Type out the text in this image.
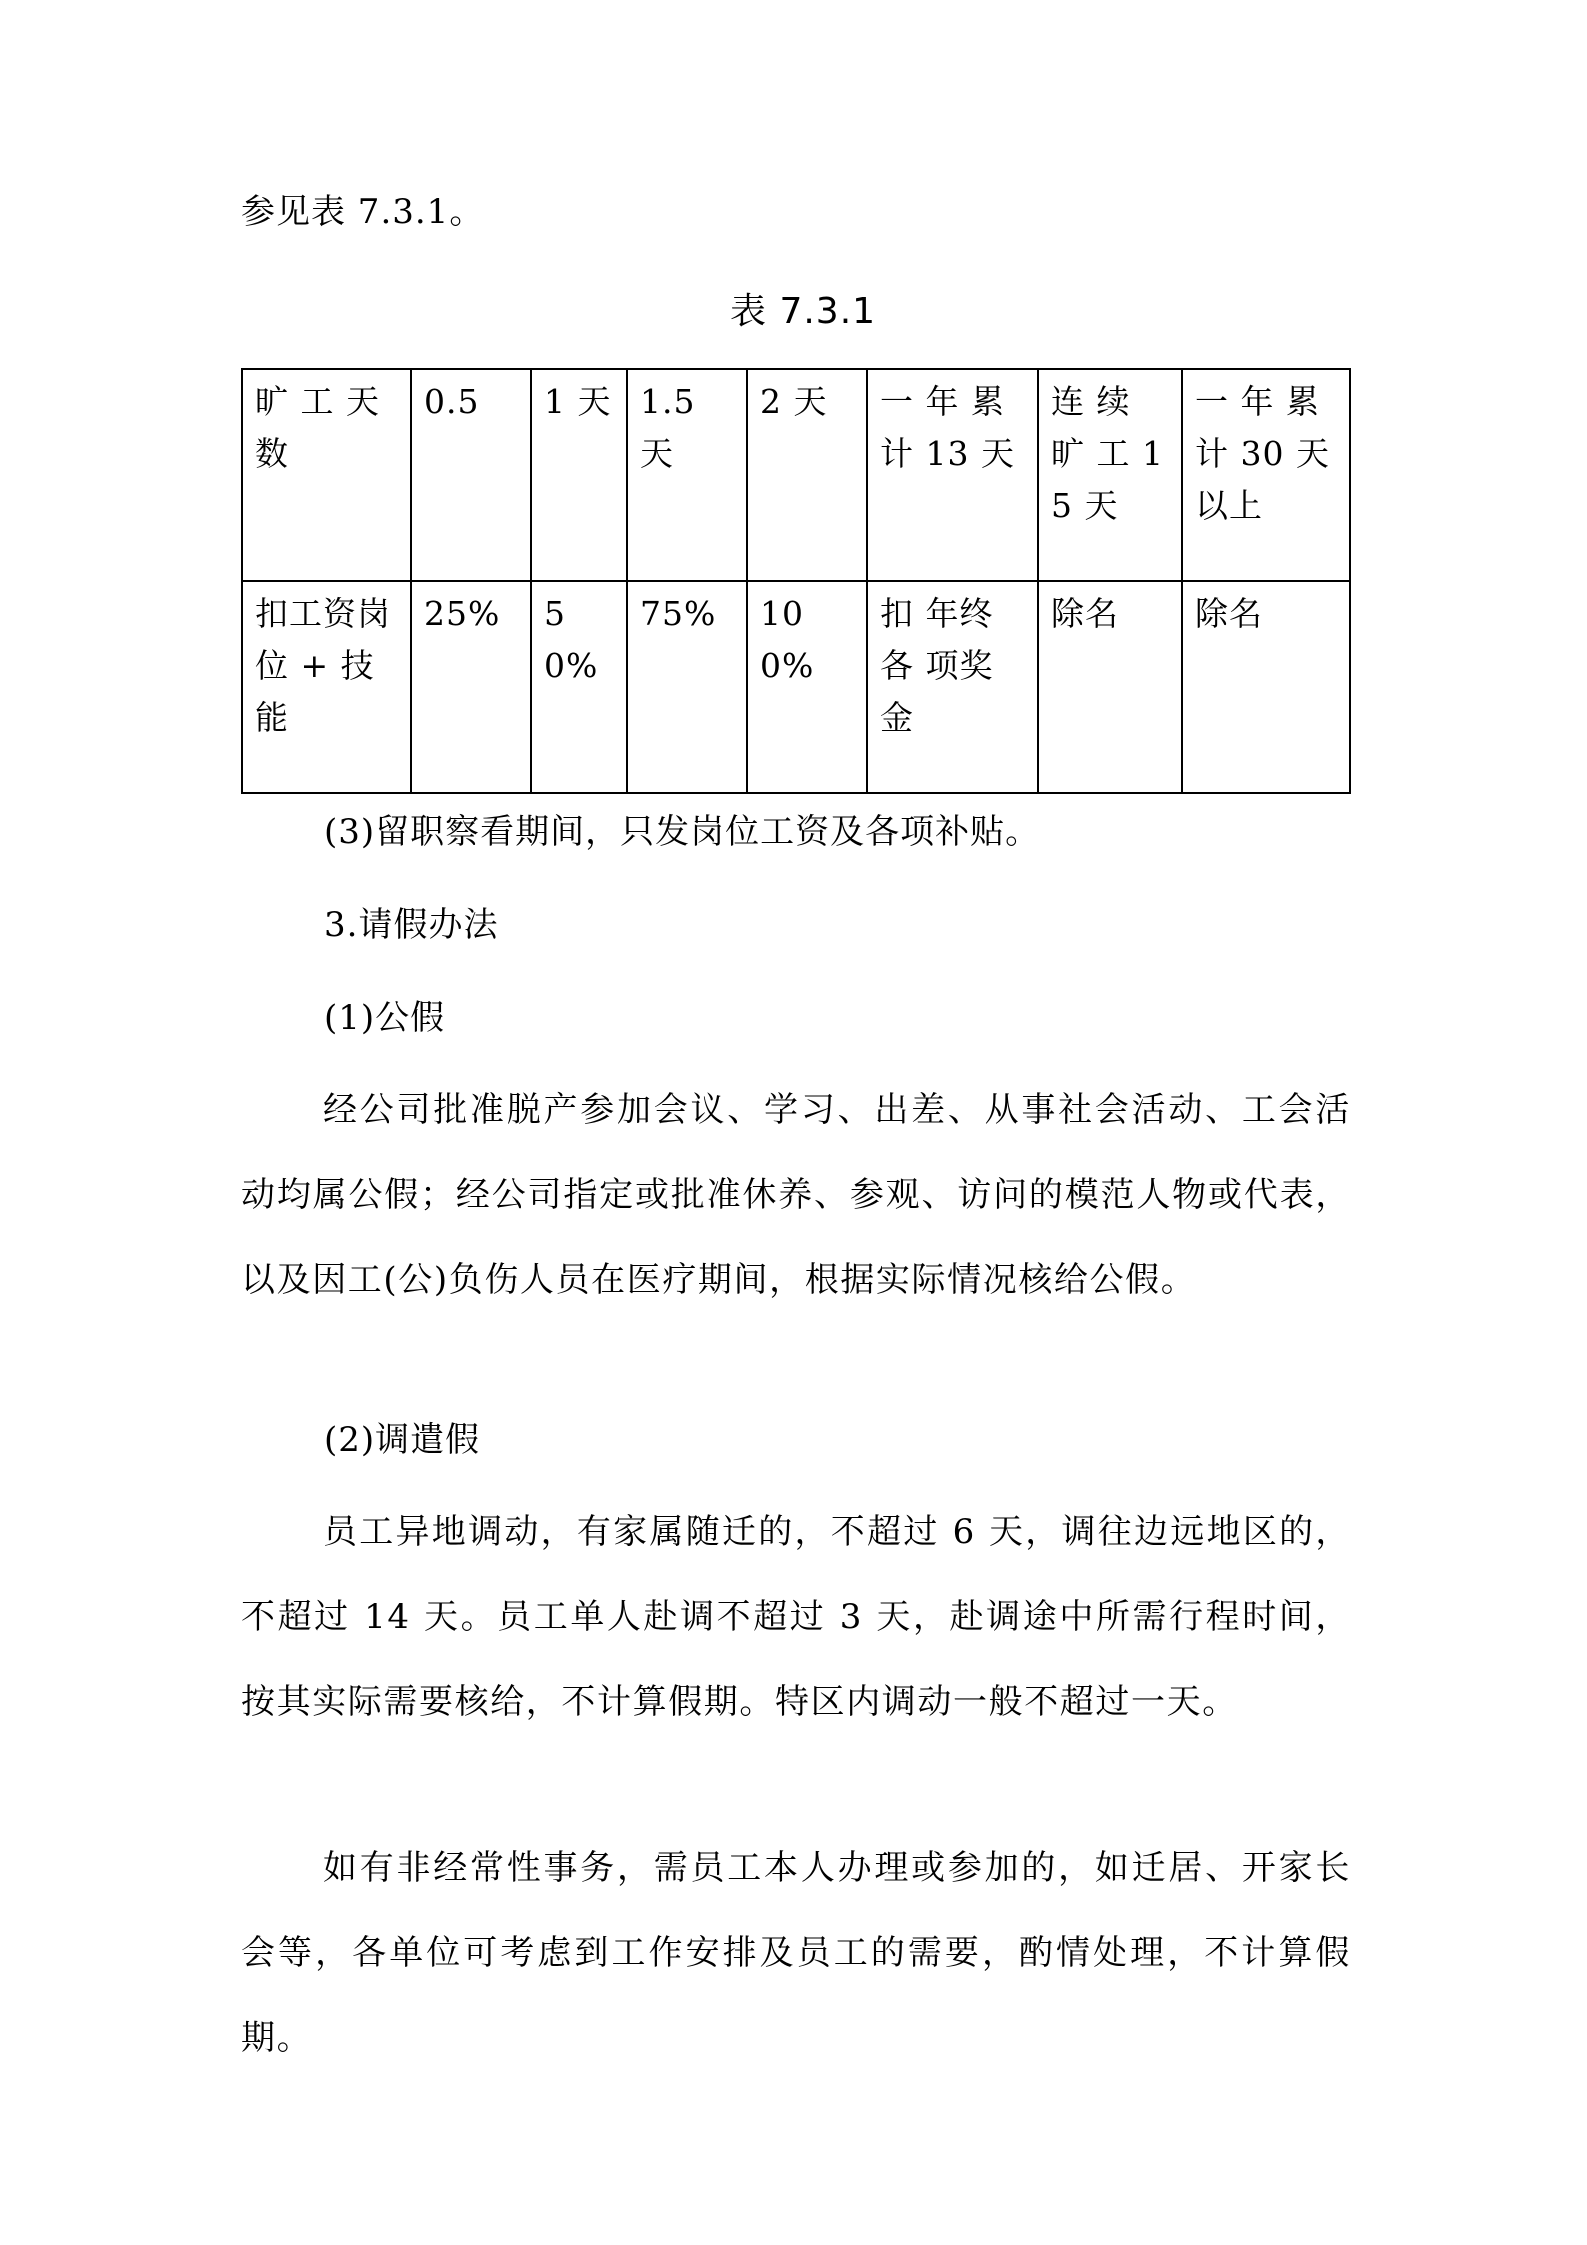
参见表 7.3.1。
表 7.3.1
旷 工 天数	0.5	1 天	1.5 天	2 天	一 年 累计 13 天	连 续 旷 工 15 天	一 年 累计 30 天以上
扣工资岗 位 + 技能	25%	50%	75%	100%	扣 年终 各 项奖金	除名	除名
(3)留职察看期间，只发岗位工资及各项补贴。
3.请假办法
(1)公假
经公司批准脱产参加会议、学习、出差、从事社会活动、工会活动均属公假；经公司指定或批准休养、参观、访问的模范人物或代表，以及因工(公)负伤人员在医疗期间，根据实际情况核给公假。
(2)调遣假
员工异地调动，有家属随迁的，不超过 6 天，调往边远地区的，不超过 14 天。员工单人赴调不超过 3 天，赴调途中所需行程时间，按其实际需要核给，不计算假期。特区内调动一般不超过一天。
如有非经常性事务，需员工本人办理或参加的，如迁居、开家长会等，各单位可考虑到工作安排及员工的需要，酌情处理，不计算假期。
